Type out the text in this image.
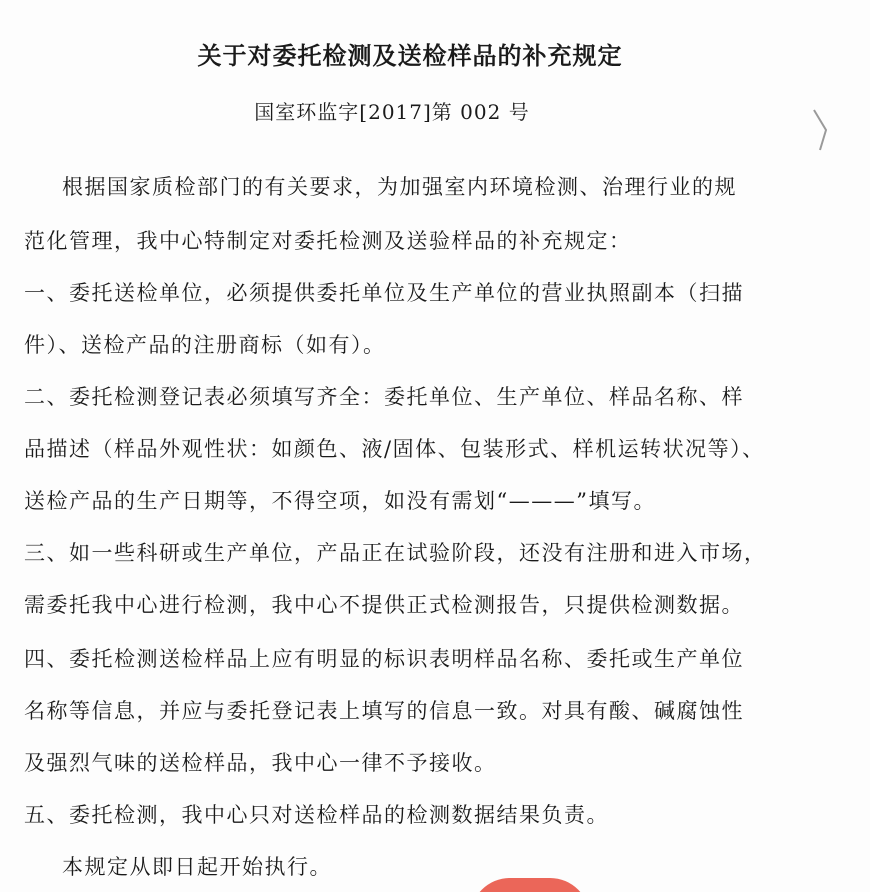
关于对委托检测及送检样品的补充规定
国室环监字[2017]第 002 号
根据国家质检部门的有关要求，为加强室内环境检测、治理行业的规
范化管理，我中心特制定对委托检测及送验样品的补充规定：
一、委托送检单位，必须提供委托单位及生产单位的营业执照副本（扫描
件）、送检产品的注册商标（如有）。
二、委托检测登记表必须填写齐全：委托单位、生产单位、样品名称、样
品描述（样品外观性状：如颜色、液/固体、包装形式、样机运转状况等）、
送检产品的生产日期等，不得空项，如没有需划“———”填写。
三、如一些科研或生产单位，产品正在试验阶段，还没有注册和进入市场，
需委托我中心进行检测，我中心不提供正式检测报告，只提供检测数据。
四、委托检测送检样品上应有明显的标识表明样品名称、委托或生产单位
名称等信息，并应与委托登记表上填写的信息一致。对具有酸、碱腐蚀性
及强烈气味的送检样品，我中心一律不予接收。
五、委托检测，我中心只对送检样品的检测数据结果负责。
本规定从即日起开始执行。
